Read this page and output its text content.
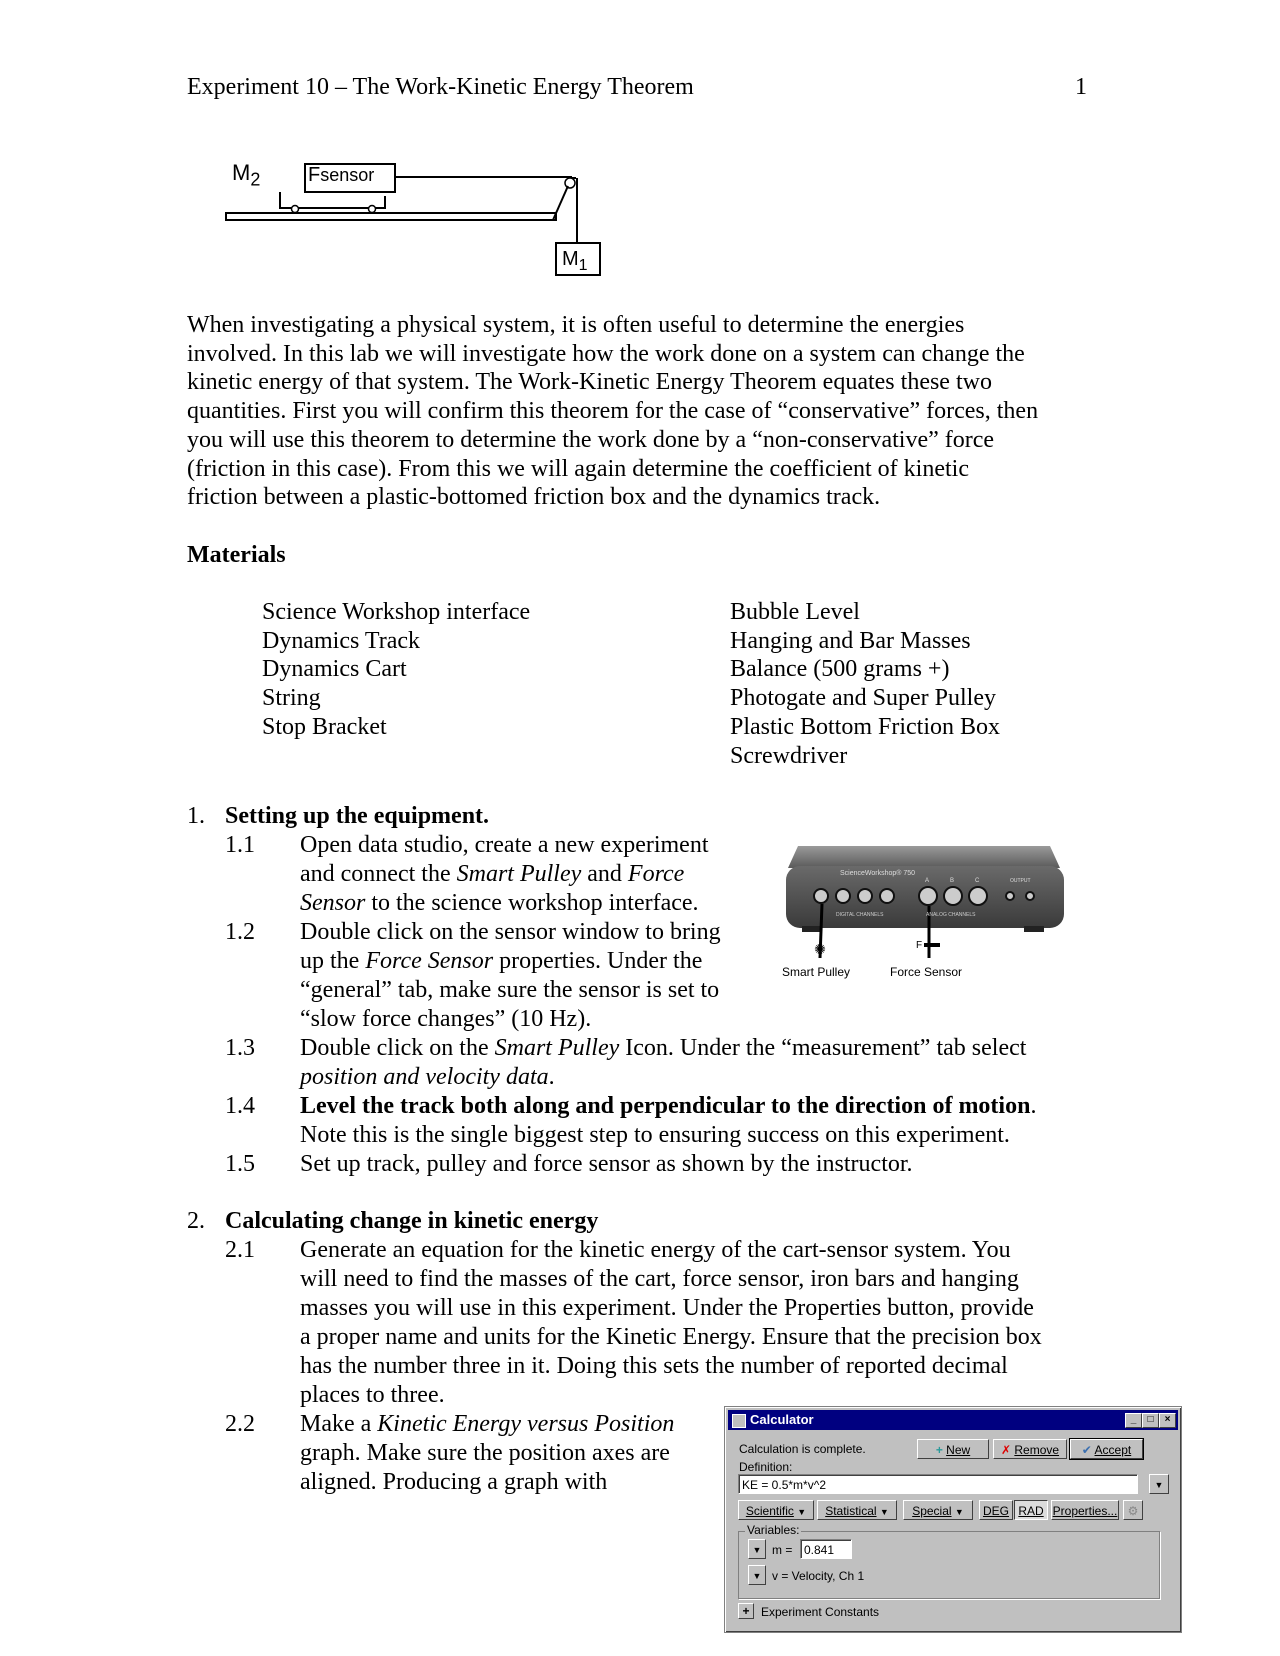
Experiment 10 – The Work-Kinetic Energy Theorem	1
$M_2$ Fsensor
$M_1$
When investigating a physical system, it is often useful to determine the energies
involved. In this lab we will investigate how the work done on a system can change the
kinetic energy of that system. The Work-Kinetic Energy Theorem equates these two
quantities. First you will confirm this theorem for the case of “conservative” forces, then
you will use this theorem to determine the work done by a “non-conservative” force
(friction in this case). From this we will again determine the coefficient of kinetic
friction between a plastic-bottomed friction box and the dynamics track.
Materials
Science Workshop interface
Dynamics Track
Dynamics Cart
String
Stop Bracket
Bubble Level
Hanging and Bar Masses
Balance (500 grams +)
Photogate and Super Pulley
Plastic Bottom Friction Box
Screwdriver
1. Setting up the equipment.
1.1 Open data studio, create a new experiment
and connect the Smart Pulley and Force
Sensor to the science workshop interface.
1.2 Double click on the sensor window to bring
up the Force Sensor properties. Under the
“general” tab, make sure the sensor is set to
“slow force changes” (10 Hz).
1.3 Double click on the Smart Pulley Icon. Under the “measurement” tab select
position and velocity data.
1.4 Level the track both along and perpendicular to the direction of motion.
Note this is the single biggest step to ensuring success on this experiment.
1.5 Set up track, pulley and force sensor as shown by the instructor.
ScienceWorkshop® 750
DIGITAL CHANNELS	ANALOG CHANNELS
A	B	C	OUTPUT
✺	F
Smart Pulley	Force Sensor
2. Calculating change in kinetic energy
2.1 Generate an equation for the kinetic energy of the cart-sensor system. You
will need to find the masses of the cart, force sensor, iron bars and hanging
masses you will use in this experiment. Under the Properties button, provide
a proper name and units for the Kinetic Energy. Ensure that the precision box
has the number three in it. Doing this sets the number of reported decimal
places to three.
2.2 Make a Kinetic Energy versus Position
graph. Make sure the position axes are
aligned. Producing a graph with
Calculator	_	□	×
Calculation is complete.	+ New	✗ Remove	✔ Accept
Definition:
KE = 0.5*m*v^2	▼
Scientific ▼	Statistical ▼	Special ▼	DEG RAD Properties... ⚙
Variables:
▼ m = 0.841
▼ v = Velocity, Ch 1
+ Experiment Constants
